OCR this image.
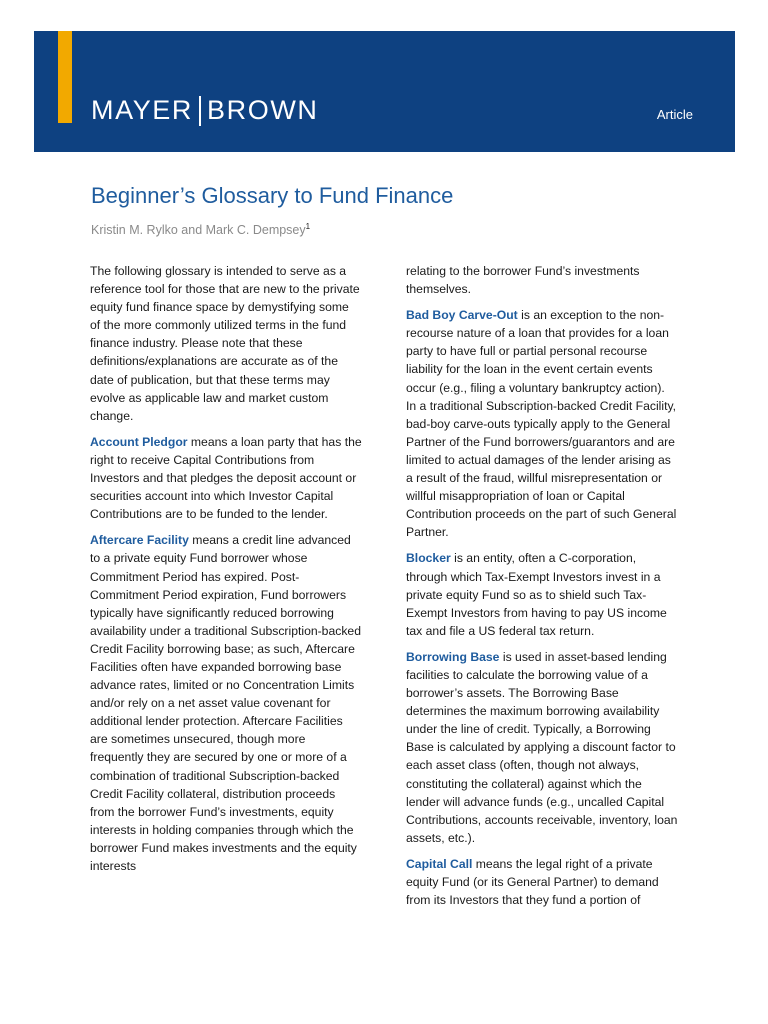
MAYER BROWN	Article
Beginner’s Glossary to Fund Finance
Kristin M. Rylko and Mark C. Dempsey$^1$

The following glossary is intended to serve as a reference tool for those that are new to the private equity fund finance space by demystifying some of the more commonly utilized terms in the fund finance industry. Please note that these definitions/explanations are accurate as of the date of publication, but that these terms may evolve as applicable law and market custom change.

Account Pledgor means a loan party that has the right to receive Capital Contributions from Investors and that pledges the deposit account or securities account into which Investor Capital Contributions are to be funded to the lender.

Aftercare Facility means a credit line advanced to a private equity Fund borrower whose Commitment Period has expired. Post-Commitment Period expiration, Fund borrowers typically have significantly reduced borrowing availability under a traditional Subscription-backed Credit Facility borrowing base; as such, Aftercare Facilities often have expanded borrowing base advance rates, limited or no Concentration Limits and/or rely on a net asset value covenant for additional lender protection. Aftercare Facilities are sometimes unsecured, though more frequently they are secured by one or more of a combination of traditional Subscription-backed Credit Facility collateral, distribution proceeds from the borrower Fund’s investments, equity interests in holding companies through which the borrower Fund makes investments and the equity interests

relating to the borrower Fund’s investments themselves.

Bad Boy Carve-Out is an exception to the non-recourse nature of a loan that provides for a loan party to have full or partial personal recourse liability for the loan in the event certain events occur (e.g., filing a voluntary bankruptcy action). In a traditional Subscription-backed Credit Facility, bad-boy carve-outs typically apply to the General Partner of the Fund borrowers/guarantors and are limited to actual damages of the lender arising as a result of the fraud, willful misrepresentation or willful misappropriation of loan or Capital Contribution proceeds on the part of such General Partner.

Blocker is an entity, often a C-corporation, through which Tax-Exempt Investors invest in a private equity Fund so as to shield such Tax-Exempt Investors from having to pay US income tax and file a US federal tax return.

Borrowing Base is used in asset-based lending facilities to calculate the borrowing value of a borrower’s assets. The Borrowing Base determines the maximum borrowing availability under the line of credit. Typically, a Borrowing Base is calculated by applying a discount factor to each asset class (often, though not always, constituting the collateral) against which the lender will advance funds (e.g., uncalled Capital Contributions, accounts receivable, inventory, loan assets, etc.).

Capital Call means the legal right of a private equity Fund (or its General Partner) to demand from its Investors that they fund a portion of
